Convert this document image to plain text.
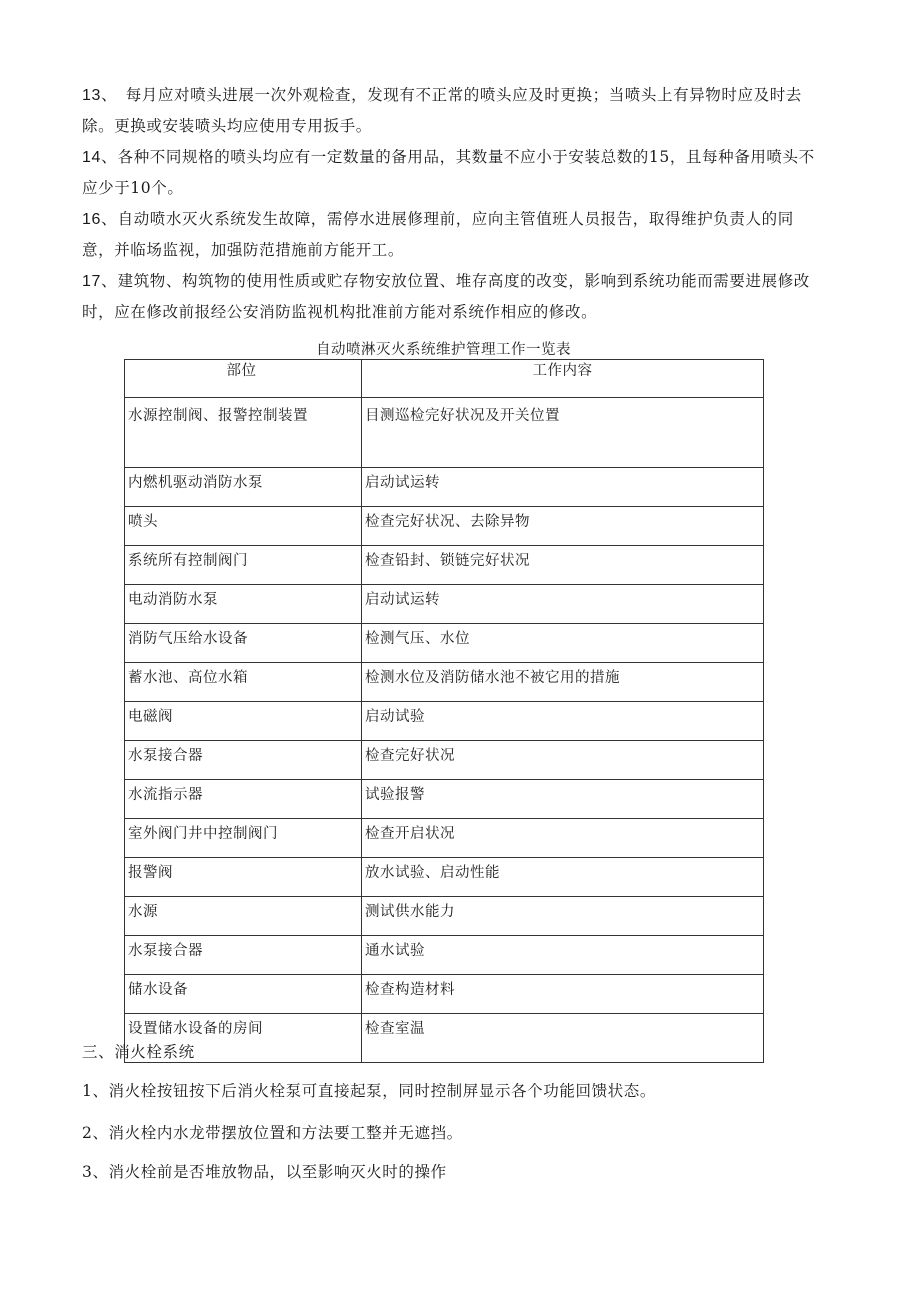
13、　每月应对喷头进展一次外观检查，发现有不正常的喷头应及时更换；当喷头上有异物时应及时去除。更换或安装喷头均应使用专用扳手。

14、各种不同规格的喷头均应有一定数量的备用品，其数量不应小于安装总数的15，且每种备用喷头不应少于10个。

16、自动喷水灭火系统发生故障，需停水进展修理前，应向主管值班人员报告，取得维护负责人的同意，并临场监视，加强防范措施前方能开工。

17、建筑物、构筑物的使用性质或贮存物安放位置、堆存高度的改变，影响到系统功能而需要进展修改时，应在修改前报经公安消防监视机构批准前方能对系统作相应的修改。

自动喷淋灭火系统维护管理工作一览表
部位	工作内容
水源控制阀、报警控制装置	目测巡检完好状况及开关位置
内燃机驱动消防水泵	启动试运转
喷头	检查完好状况、去除异物
系统所有控制阀门	检查铅封、锁链完好状况
电动消防水泵	启动试运转
消防气压给水设备	检测气压、水位
蓄水池、高位水箱	检测水位及消防储水池不被它用的措施
电磁阀	启动试验
水泵接合器	检查完好状况
水流指示器	试验报警
室外阀门井中控制阀门	检查开启状况
报警阀	放水试验、启动性能
水源	测试供水能力
水泵接合器	通水试验
储水设备	检查构造材料
设置储水设备的房间	检查室温
三、消火栓系统
1、消火栓按钮按下后消火栓泵可直接起泵，同时控制屏显示各个功能回馈状态。
2、消火栓内水龙带摆放位置和方法要工整并无遮挡。
3、消火栓前是否堆放物品，以至影响灭火时的操作
